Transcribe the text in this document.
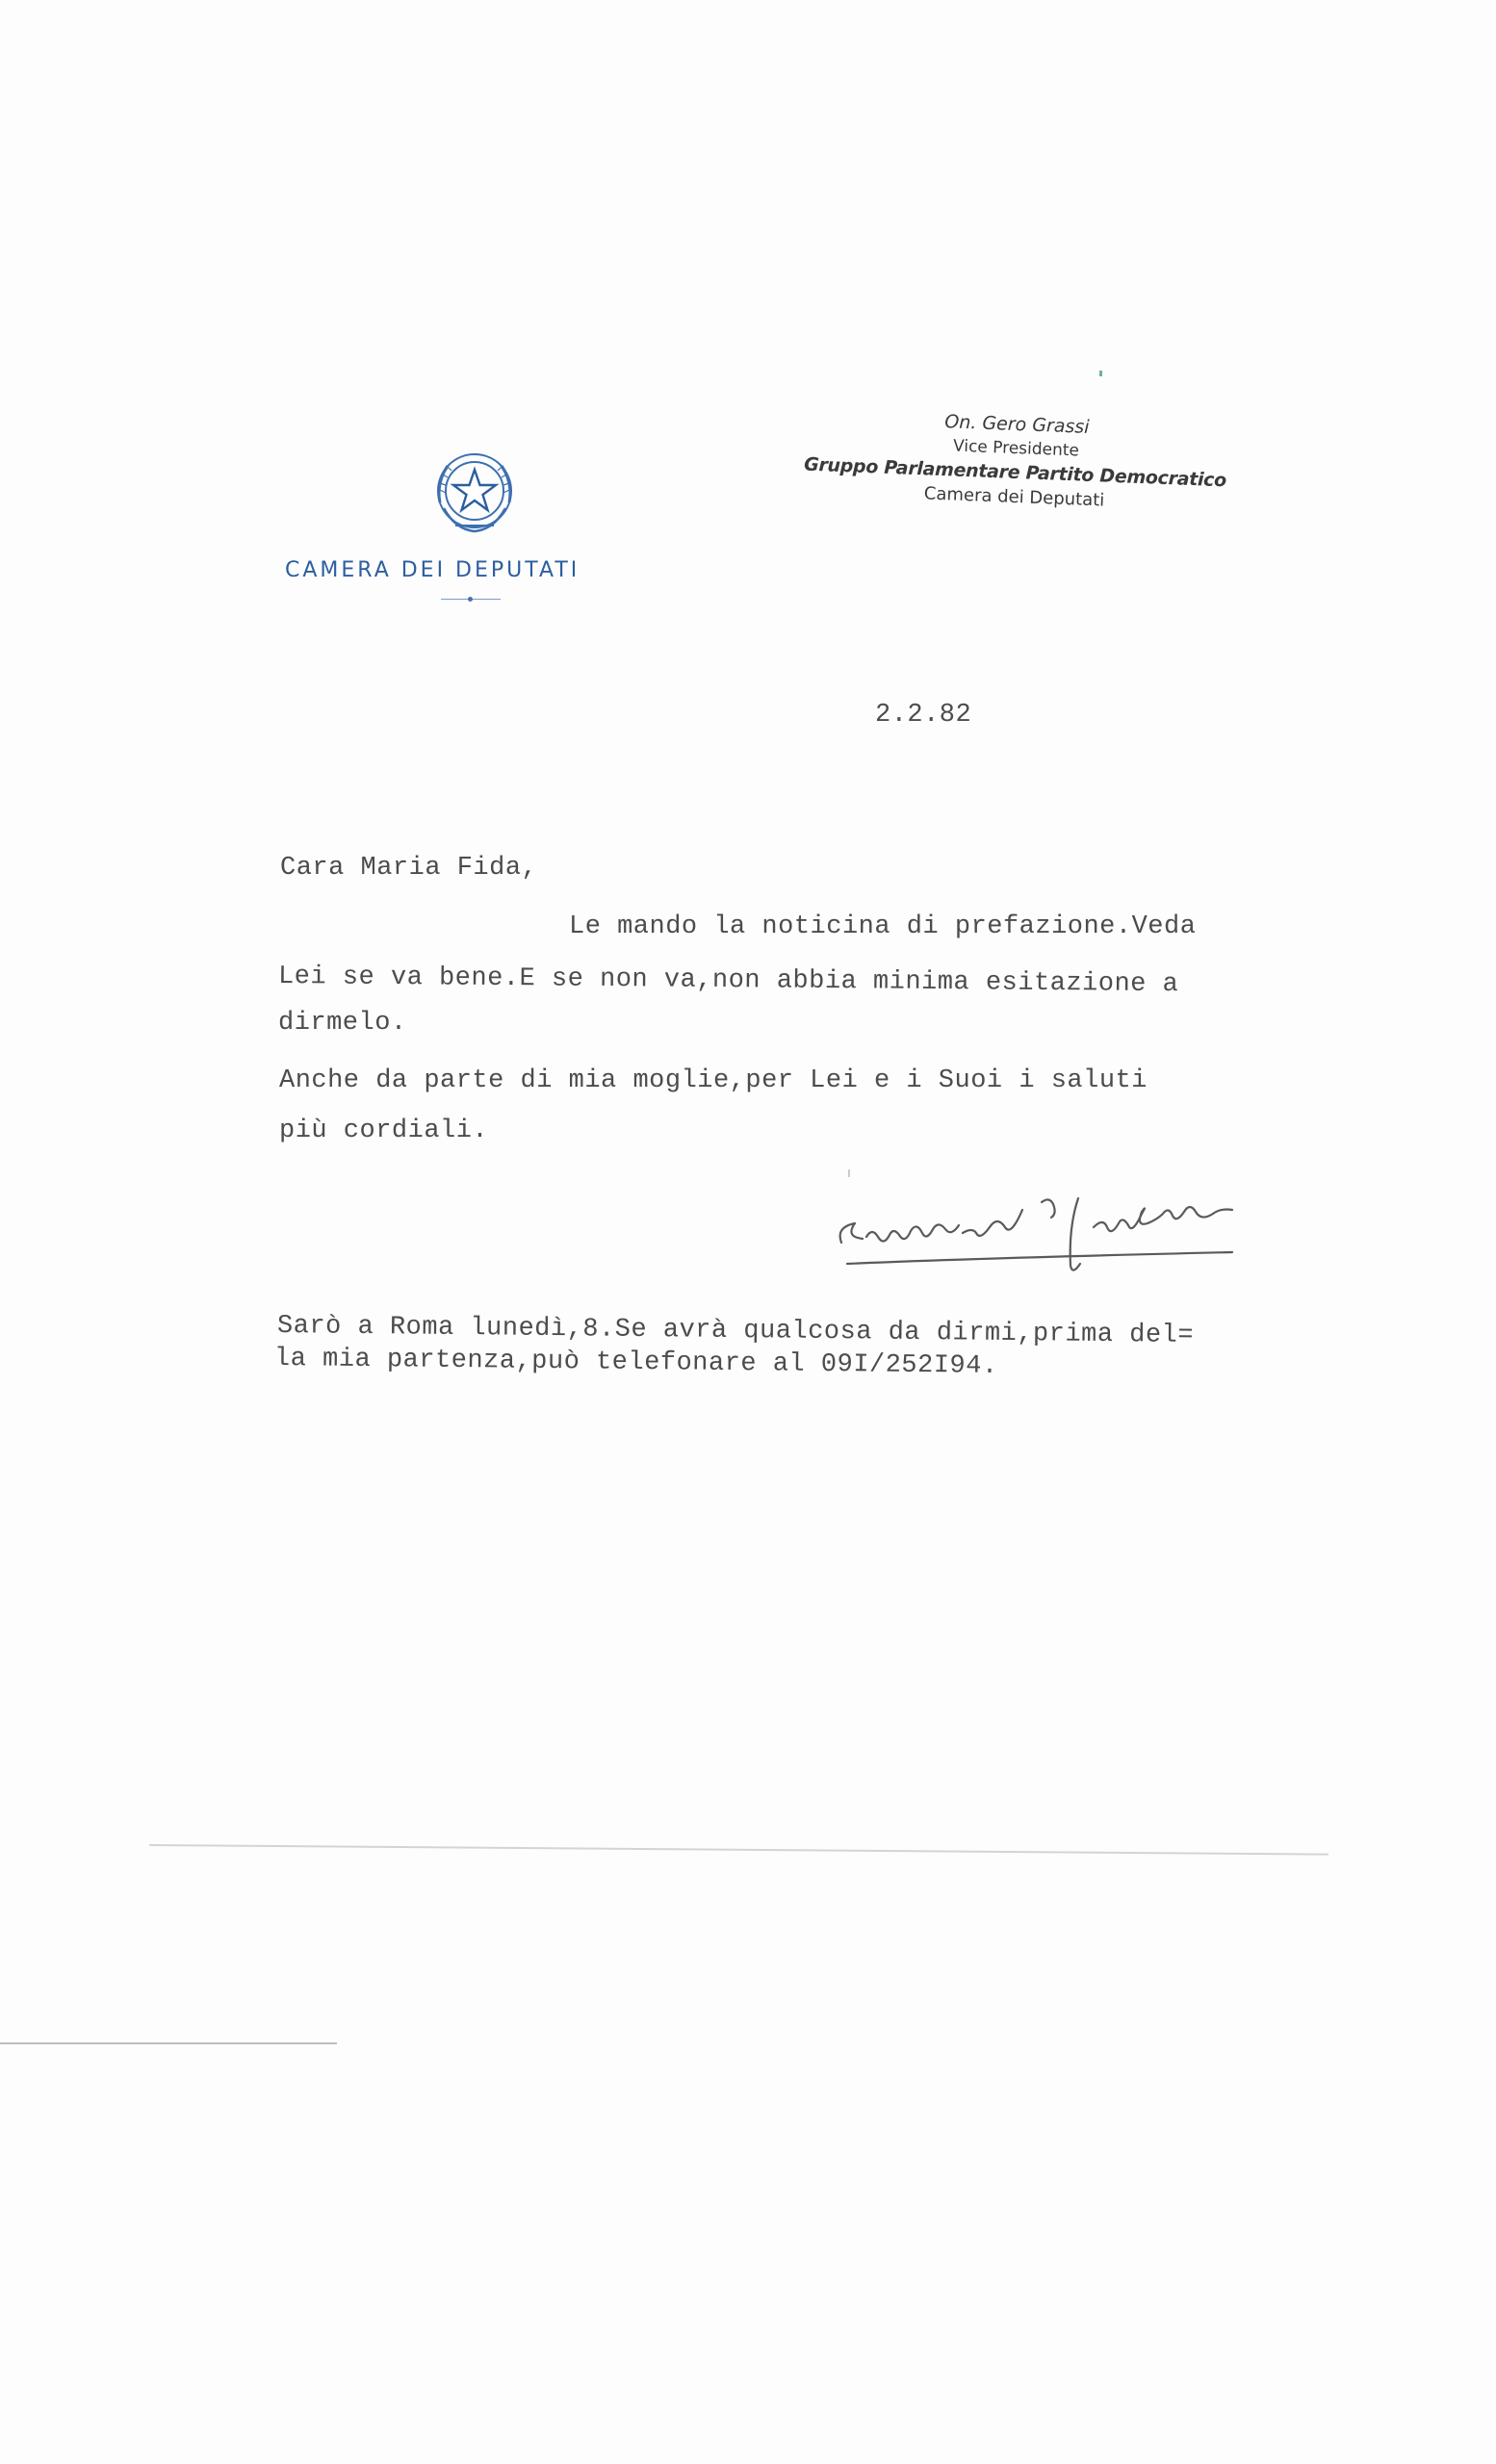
CAMERA DEI DEPUTATI
On. Gero Grassi
Vice Presidente
Gruppo Parlamentare Partito Democratico
Camera dei Deputati
2.2.82
Cara Maria Fida,
Le mando la noticina di prefazione.Veda
Lei se va bene.E se non va,non abbia minima esitazione a
dirmelo.
Anche da parte di mia moglie,per Lei e i Suoi i saluti
più cordiali.
Sarò a Roma lunedì,8.Se avrà qualcosa da dirmi,prima del=
la mia partenza,può telefonare al 09I/252I94.
